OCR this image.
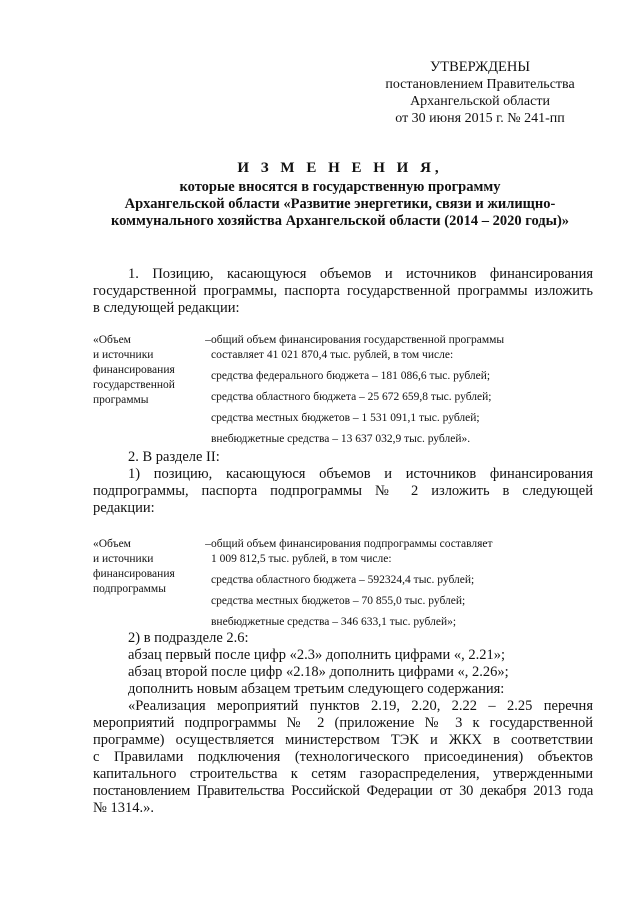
УТВЕРЖДЕНЫ
постановлением Правительства
Архангельской области
от 30 июня 2015 г. № 241-пп
И З М Е Н Е Н И Я,
которые вносятся в государственную программу
Архангельской области «Развитие энергетики, связи и жилищно-
коммунального хозяйства Архангельской области (2014 – 2020 годы)»
1. Позицию, касающуюся объемов и источников финансирования
государственной программы, паспорта государственной программы изложить
в следующей редакции:
«Объем
и источники
финансирования
государственной
программы
– общий объем финансирования государственной программы
составляет 41 021 870,4 тыс. рублей, в том числе:
средства федерального бюджета – 181 086,6 тыс. рублей;
средства областного бюджета – 25 672 659,8 тыс. рублей;
средства местных бюджетов – 1 531 091,1 тыс. рублей;
внебюджетные средства – 13 637 032,9 тыс. рублей».
2. В разделе II:
1) позицию, касающуюся объемов и источников финансирования
подпрограммы, паспорта подпрограммы № 2 изложить в следующей
редакции:
«Объем
и источники
финансирования
подпрограммы
– общий объем финансирования подпрограммы составляет
1 009 812,5 тыс. рублей, в том числе:
средства областного бюджета – 592324,4 тыс. рублей;
средства местных бюджетов – 70 855,0 тыс. рублей;
внебюджетные средства – 346 633,1 тыс. рублей»;
2) в подразделе 2.6:
абзац первый после цифр «2.3» дополнить цифрами «, 2.21»;
абзац второй после цифр «2.18» дополнить цифрами «, 2.26»;
дополнить новым абзацем третьим следующего содержания:
«Реализация мероприятий пунктов 2.19, 2.20, 2.22 – 2.25 перечня
мероприятий подпрограммы № 2 (приложение № 3 к государственной
программе) осуществляется министерством ТЭК и ЖКХ в соответствии
с Правилами подключения (технологического присоединения) объектов
капитального строительства к сетям газораспределения, утвержденными
постановлением Правительства Российской Федерации от 30 декабря 2013 года
№ 1314.».
